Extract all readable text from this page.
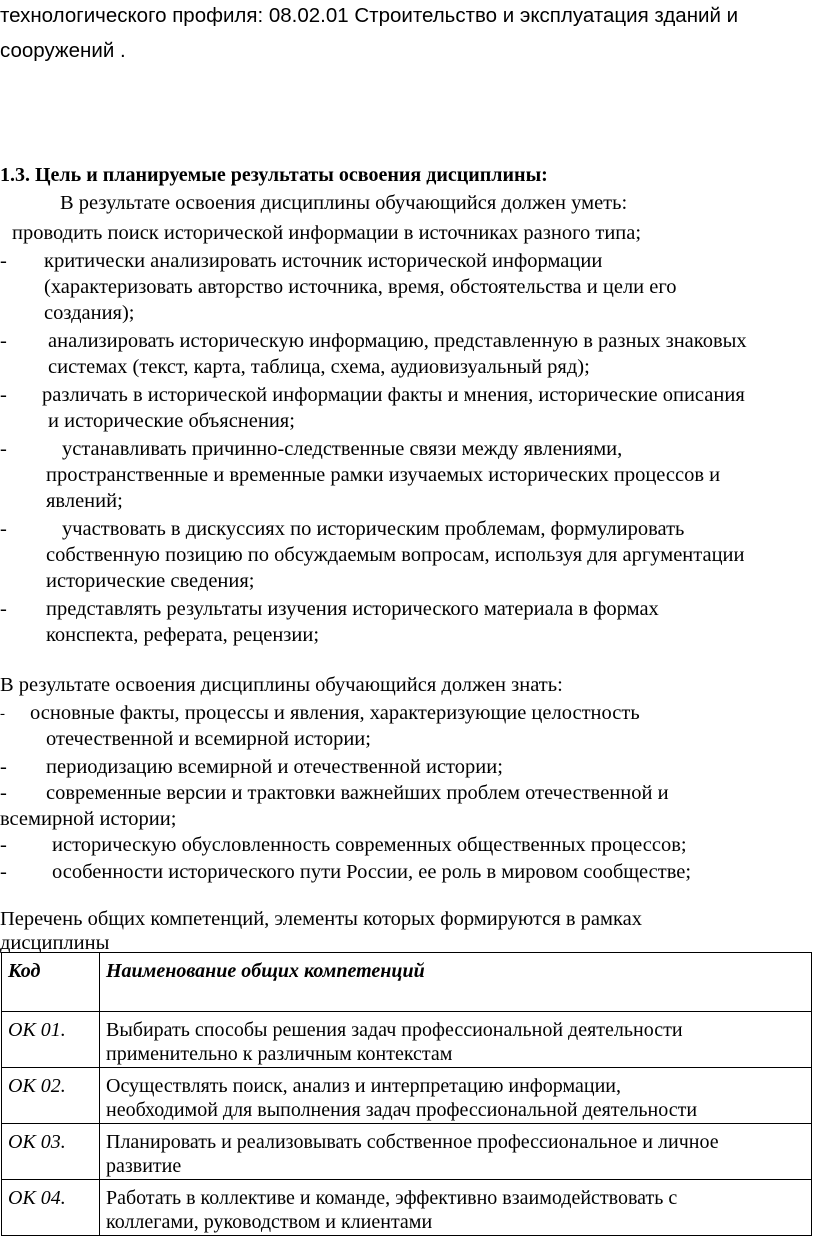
технологического профиля: 08.02.01 Строительство и эксплуатация зданий и
сооружений .
1.3. Цель и планируемые результаты освоения дисциплины:
В результате освоения дисциплины обучающийся должен уметь:
проводить поиск исторической информации в источниках разного типа;
- критически анализировать источник исторической информации
(характеризовать авторство источника, время, обстоятельства и цели его
создания);
- анализировать историческую информацию, представленную в разных знаковых
системах (текст, карта, таблица, схема, аудиовизуальный ряд);
- различать в исторической информации факты и мнения, исторические описания
и исторические объяснения;
-	устанавливать причинно-следственные связи между явлениями,
пространственные и временные рамки изучаемых исторических процессов и
явлений;
-	участвовать в дискуссиях по историческим проблемам, формулировать
собственную позицию по обсуждаемым вопросам, используя для аргументации
исторические сведения;
- представлять результаты изучения исторического материала в формах
конспекта, реферата, рецензии;
В результате освоения дисциплины обучающийся должен знать:
- основные факты, процессы и явления, характеризующие целостность
отечественной и всемирной истории;
- периодизацию всемирной и отечественной истории;
- современные версии и трактовки важнейших проблем отечественной и
всемирной истории;
- историческую обусловленность современных общественных процессов;
- особенности исторического пути России, ее роль в мировом сообществе;
Перечень общих компетенций, элементы которых формируются в рамках
дисциплины
Код	Наименование общих компетенций
ОК 01.	Выбирать способы решения задач профессиональной деятельности
применительно к различным контекстам

ОК 02.	Осуществлять поиск, анализ и интерпретацию информации,
необходимой для выполнения задач профессиональной деятельности

ОК 03.	Планировать и реализовывать собственное профессиональное и личное
развитие

ОК 04.	Работать в коллективе и команде, эффективно взаимодействовать с
коллегами, руководством и клиентами
